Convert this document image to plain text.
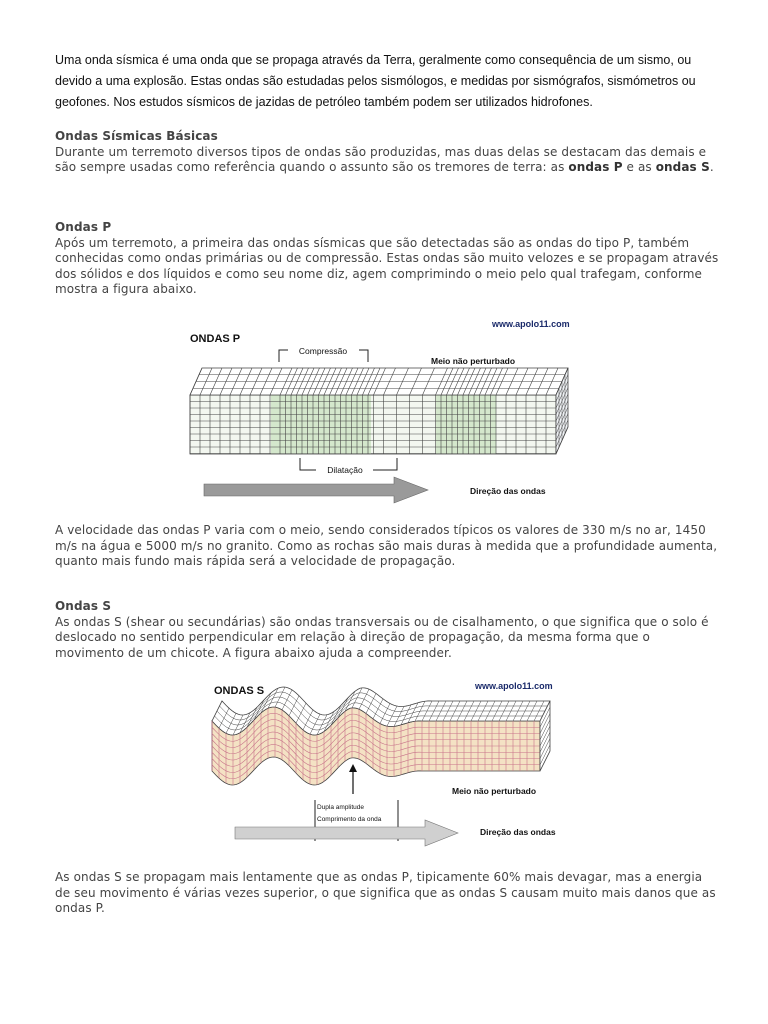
Uma onda sísmica é uma onda que se propaga através da Terra, geralmente como consequência de um sismo, ou devido a uma explosão. Estas ondas são estudadas pelos sismólogos, e medidas por sismógrafos, sismómetros ou geofones. Nos estudos sísmicos de jazidas de petróleo também podem ser utilizados hidrofones.
Ondas Sísmicas Básicas

Durante um terremoto diversos tipos de ondas são produzidas, mas duas delas se destacam das demais e são sempre usadas como referência quando o assunto são os tremores de terra: as ondas P e as ondas S.

Ondas P

Após um terremoto, a primeira das ondas sísmicas que são detectadas são as ondas do tipo P, também conhecidas como ondas primárias ou de compressão. Estas ondas são muito velozes e se propagam através dos sólidos e dos líquidos e como seu nome diz, agem comprimindo o meio pelo qual trafegam, conforme mostra a figura abaixo.

ONDAS P
www.apolo11.com
Compressão
Meio não perturbado
Dilatação
Direção das ondas

A velocidade das ondas P varia com o meio, sendo considerados típicos os valores de 330 m/s no ar, 1450 m/s na água e 5000 m/s no granito. Como as rochas são mais duras à medida que a profundidade aumenta, quanto mais fundo mais rápida será a velocidade de propagação.

Ondas S

As ondas S (shear ou secundárias) são ondas transversais ou de cisalhamento, o que significa que o solo é deslocado no sentido perpendicular em relação à direção de propagação, da mesma forma que o movimento de um chicote. A figura abaixo ajuda a compreender.

ONDAS S	www.apolo11.com
Meio não perturbado
Dupla amplitude
Comprimento da onda
Direção das ondas

As ondas S se propagam mais lentamente que as ondas P, tipicamente 60% mais devagar, mas a energia de seu movimento é várias vezes superior, o que significa que as ondas S causam muito mais danos que as ondas P.
